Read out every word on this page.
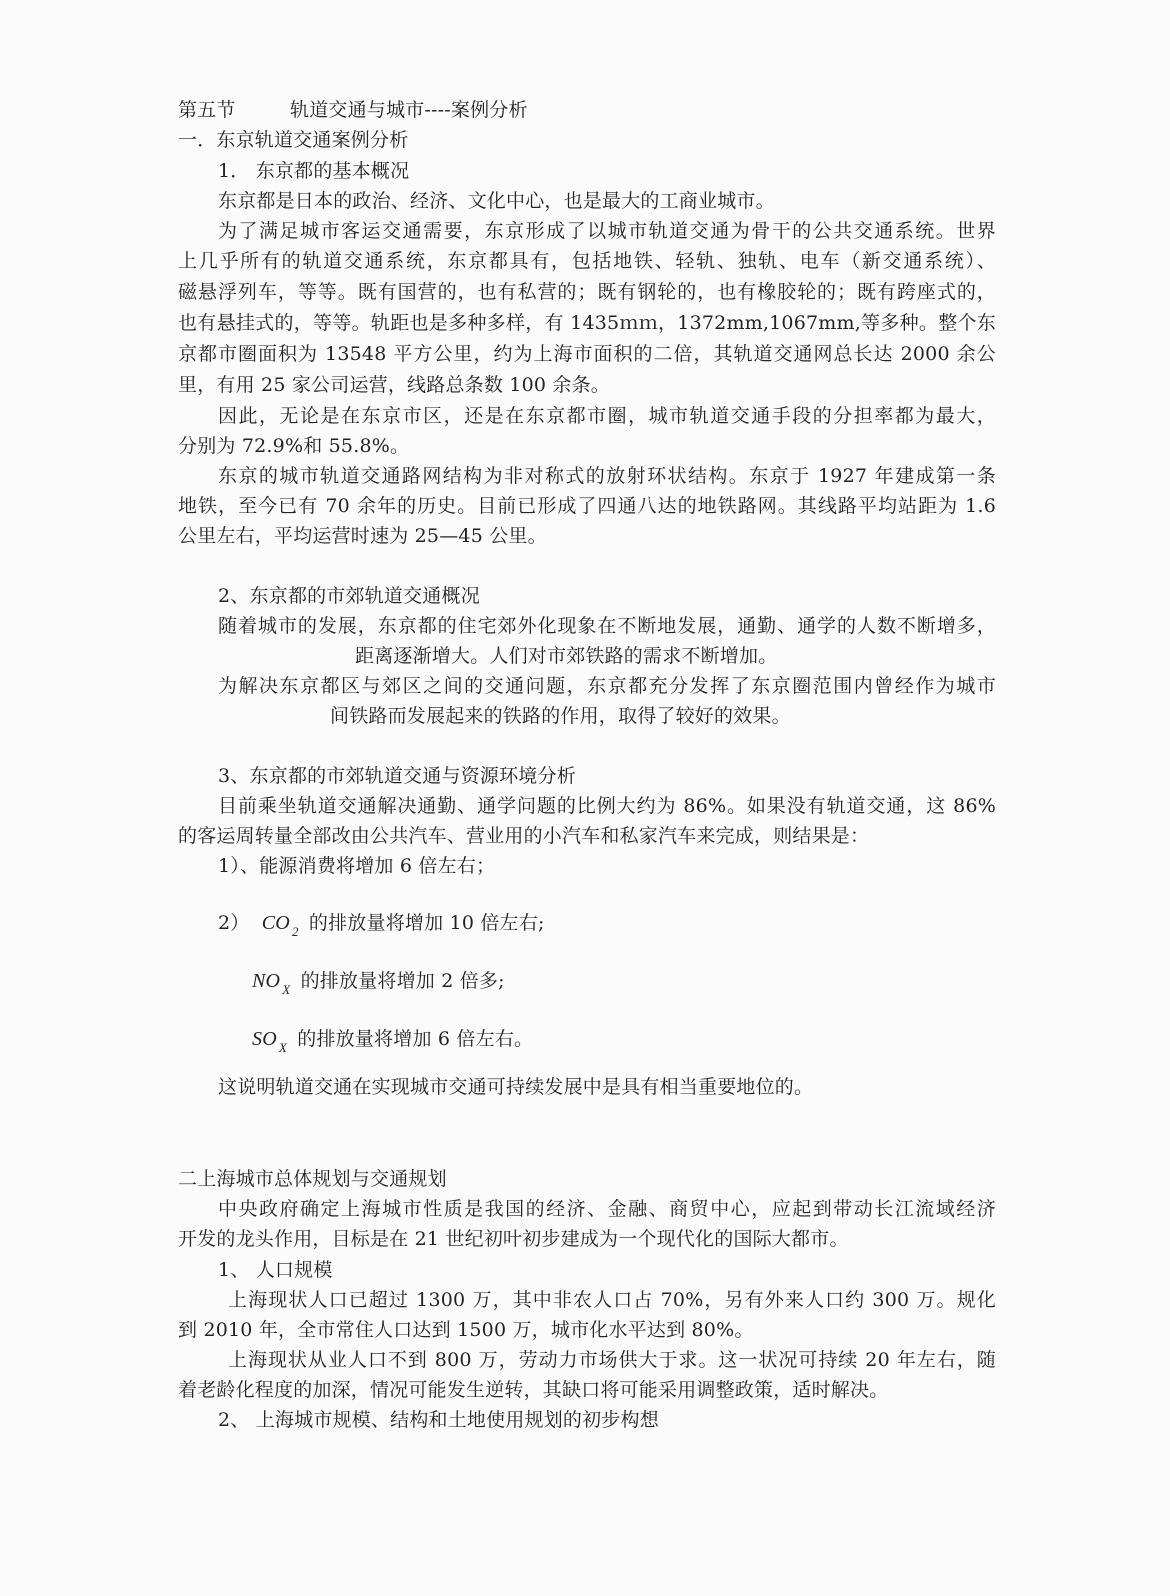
第五节	轨道交通与城市----案例分析
一．东京轨道交通案例分析
1． 东京都的基本概况
东京都是日本的政治、经济、文化中心，也是最大的工商业城市。
为了满足城市客运交通需要，东京形成了以城市轨道交通为骨干的公共交通系统。世界
上几乎所有的轨道交通系统，东京都具有，包括地铁、轻轨、独轨、电车（新交通系统）、
磁悬浮列车，等等。既有国营的，也有私营的；既有钢轮的，也有橡胶轮的；既有跨座式的，
也有悬挂式的，等等。轨距也是多种多样，有 1435ｍｍ，1372mm,1067mm,等多种。整个东
京都市圈面积为 13548 平方公里，约为上海市面积的二倍，其轨道交通网总长达 2000 余公
里，有用 25 家公司运营，线路总条数 100 余条。
因此，无论是在东京市区，还是在东京都市圈，城市轨道交通手段的分担率都为最大，
分别为 72.9%和 55.8%。
东京的城市轨道交通路网结构为非对称式的放射环状结构。东京于 1927 年建成第一条
地铁，至今已有 70 余年的历史。目前已形成了四通八达的地铁路网。其线路平均站距为 1.6
公里左右，平均运营时速为 25—45 公里。
2、东京都的市郊轨道交通概况
随着城市的发展，东京都的住宅郊外化现象在不断地发展，通勤、通学的人数不断增多，
距离逐渐增大。人们对市郊铁路的需求不断增加。
为解决东京都区与郊区之间的交通问题，东京都充分发挥了东京圈范围内曾经作为城市
间铁路而发展起来的铁路的作用，取得了较好的效果。
3、东京都的市郊轨道交通与资源环境分析
目前乘坐轨道交通解决通勤、通学问题的比例大约为 86%。如果没有轨道交通，这 86%
的客运周转量全部改由公共汽车、营业用的小汽车和私家汽车来完成，则结果是：
1）、能源消费将增加 6 倍左右；
2） CO $_2$ 的排放量将增加 10 倍左右;
NO $_X$ 的排放量将增加 2 倍多;
SO $_X$ 的排放量将增加 6 倍左右。
这说明轨道交通在实现城市交通可持续发展中是具有相当重要地位的。
二上海城市总体规划与交通规划
中央政府确定上海城市性质是我国的经济、金融、商贸中心，应起到带动长江流域经济
开发的龙头作用，目标是在 21 世纪初叶初步建成为一个现代化的国际大都市。
1、 人口规模
上海现状人口已超过 1300 万，其中非农人口占 70%，另有外来人口约 300 万。规化
到 2010 年，全市常住人口达到 1500 万，城市化水平达到 80%。
上海现状从业人口不到 800 万，劳动力市场供大于求。这一状况可持续 20 年左右，随
着老龄化程度的加深，情况可能发生逆转，其缺口将可能采用调整政策，适时解决。
2、 上海城市规模、结构和土地使用规划的初步构想
